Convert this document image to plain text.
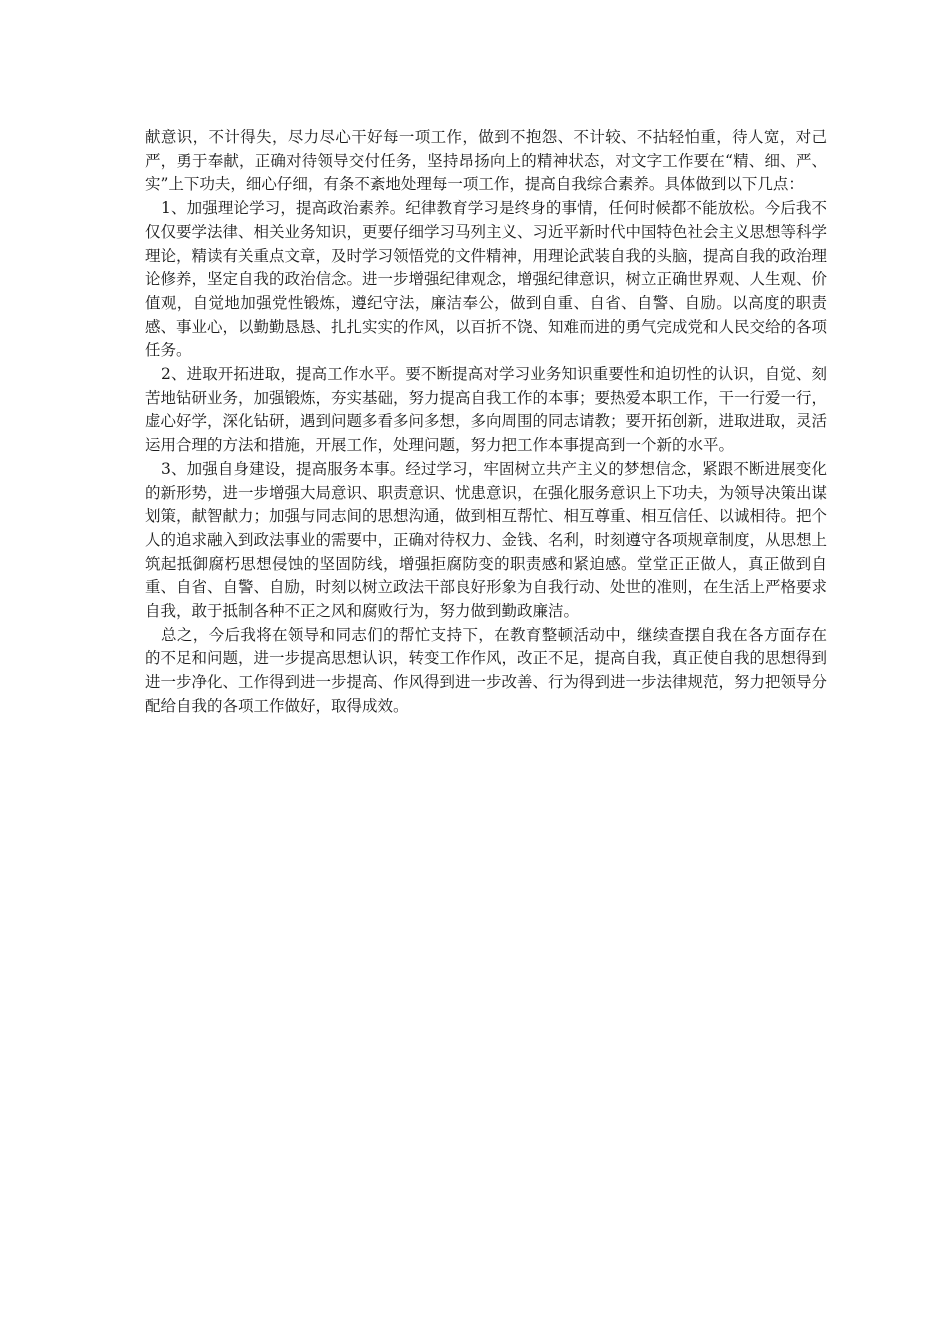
献意识，不计得失，尽力尽心干好每一项工作，做到不抱怨、不计较、不拈轻怕重，待人宽，对己严，勇于奉献，正确对待领导交付任务，坚持昂扬向上的精神状态，对文字工作要在“精、细、严、实”上下功夫，细心仔细，有条不紊地处理每一项工作，提高自我综合素养。具体做到以下几点：

1、加强理论学习，提高政治素养。纪律教育学习是终身的事情，任何时候都不能放松。今后我不仅仅要学法律、相关业务知识，更要仔细学习马列主义、习近平新时代中国特色社会主义思想等科学理论，精读有关重点文章，及时学习领悟党的文件精神，用理论武装自我的头脑，提高自我的政治理论修养，坚定自我的政治信念。进一步增强纪律观念，增强纪律意识，树立正确世界观、人生观、价值观，自觉地加强党性锻炼，遵纪守法，廉洁奉公，做到自重、自省、自警、自励。以高度的职责感、事业心，以勤勤恳恳、扎扎实实的作风，以百折不饶、知难而进的勇气完成党和人民交给的各项任务。

2、进取开拓进取，提高工作水平。要不断提高对学习业务知识重要性和迫切性的认识，自觉、刻苦地钻研业务，加强锻炼，夯实基础，努力提高自我工作的本事；要热爱本职工作，干一行爱一行，虚心好学，深化钻研，遇到问题多看多问多想，多向周围的同志请教；要开拓创新，进取进取，灵活运用合理的方法和措施，开展工作，处理问题，努力把工作本事提高到一个新的水平。

3、加强自身建设，提高服务本事。经过学习，牢固树立共产主义的梦想信念，紧跟不断进展变化的新形势，进一步增强大局意识、职责意识、忧患意识，在强化服务意识上下功夫，为领导决策出谋划策，献智献力；加强与同志间的思想沟通，做到相互帮忙、相互尊重、相互信任、以诚相待。把个人的追求融入到政法事业的需要中，正确对待权力、金钱、名利，时刻遵守各项规章制度，从思想上筑起抵御腐朽思想侵蚀的坚固防线，增强拒腐防变的职责感和紧迫感。堂堂正正做人，真正做到自重、自省、自警、自励，时刻以树立政法干部良好形象为自我行动、处世的准则，在生活上严格要求自我，敢于抵制各种不正之风和腐败行为，努力做到勤政廉洁。

总之，今后我将在领导和同志们的帮忙支持下，在教育整顿活动中，继续查摆自我在各方面存在的不足和问题，进一步提高思想认识，转变工作作风，改正不足，提高自我，真正使自我的思想得到进一步净化、工作得到进一步提高、作风得到进一步改善、行为得到进一步法律规范，努力把领导分配给自我的各项工作做好，取得成效。
